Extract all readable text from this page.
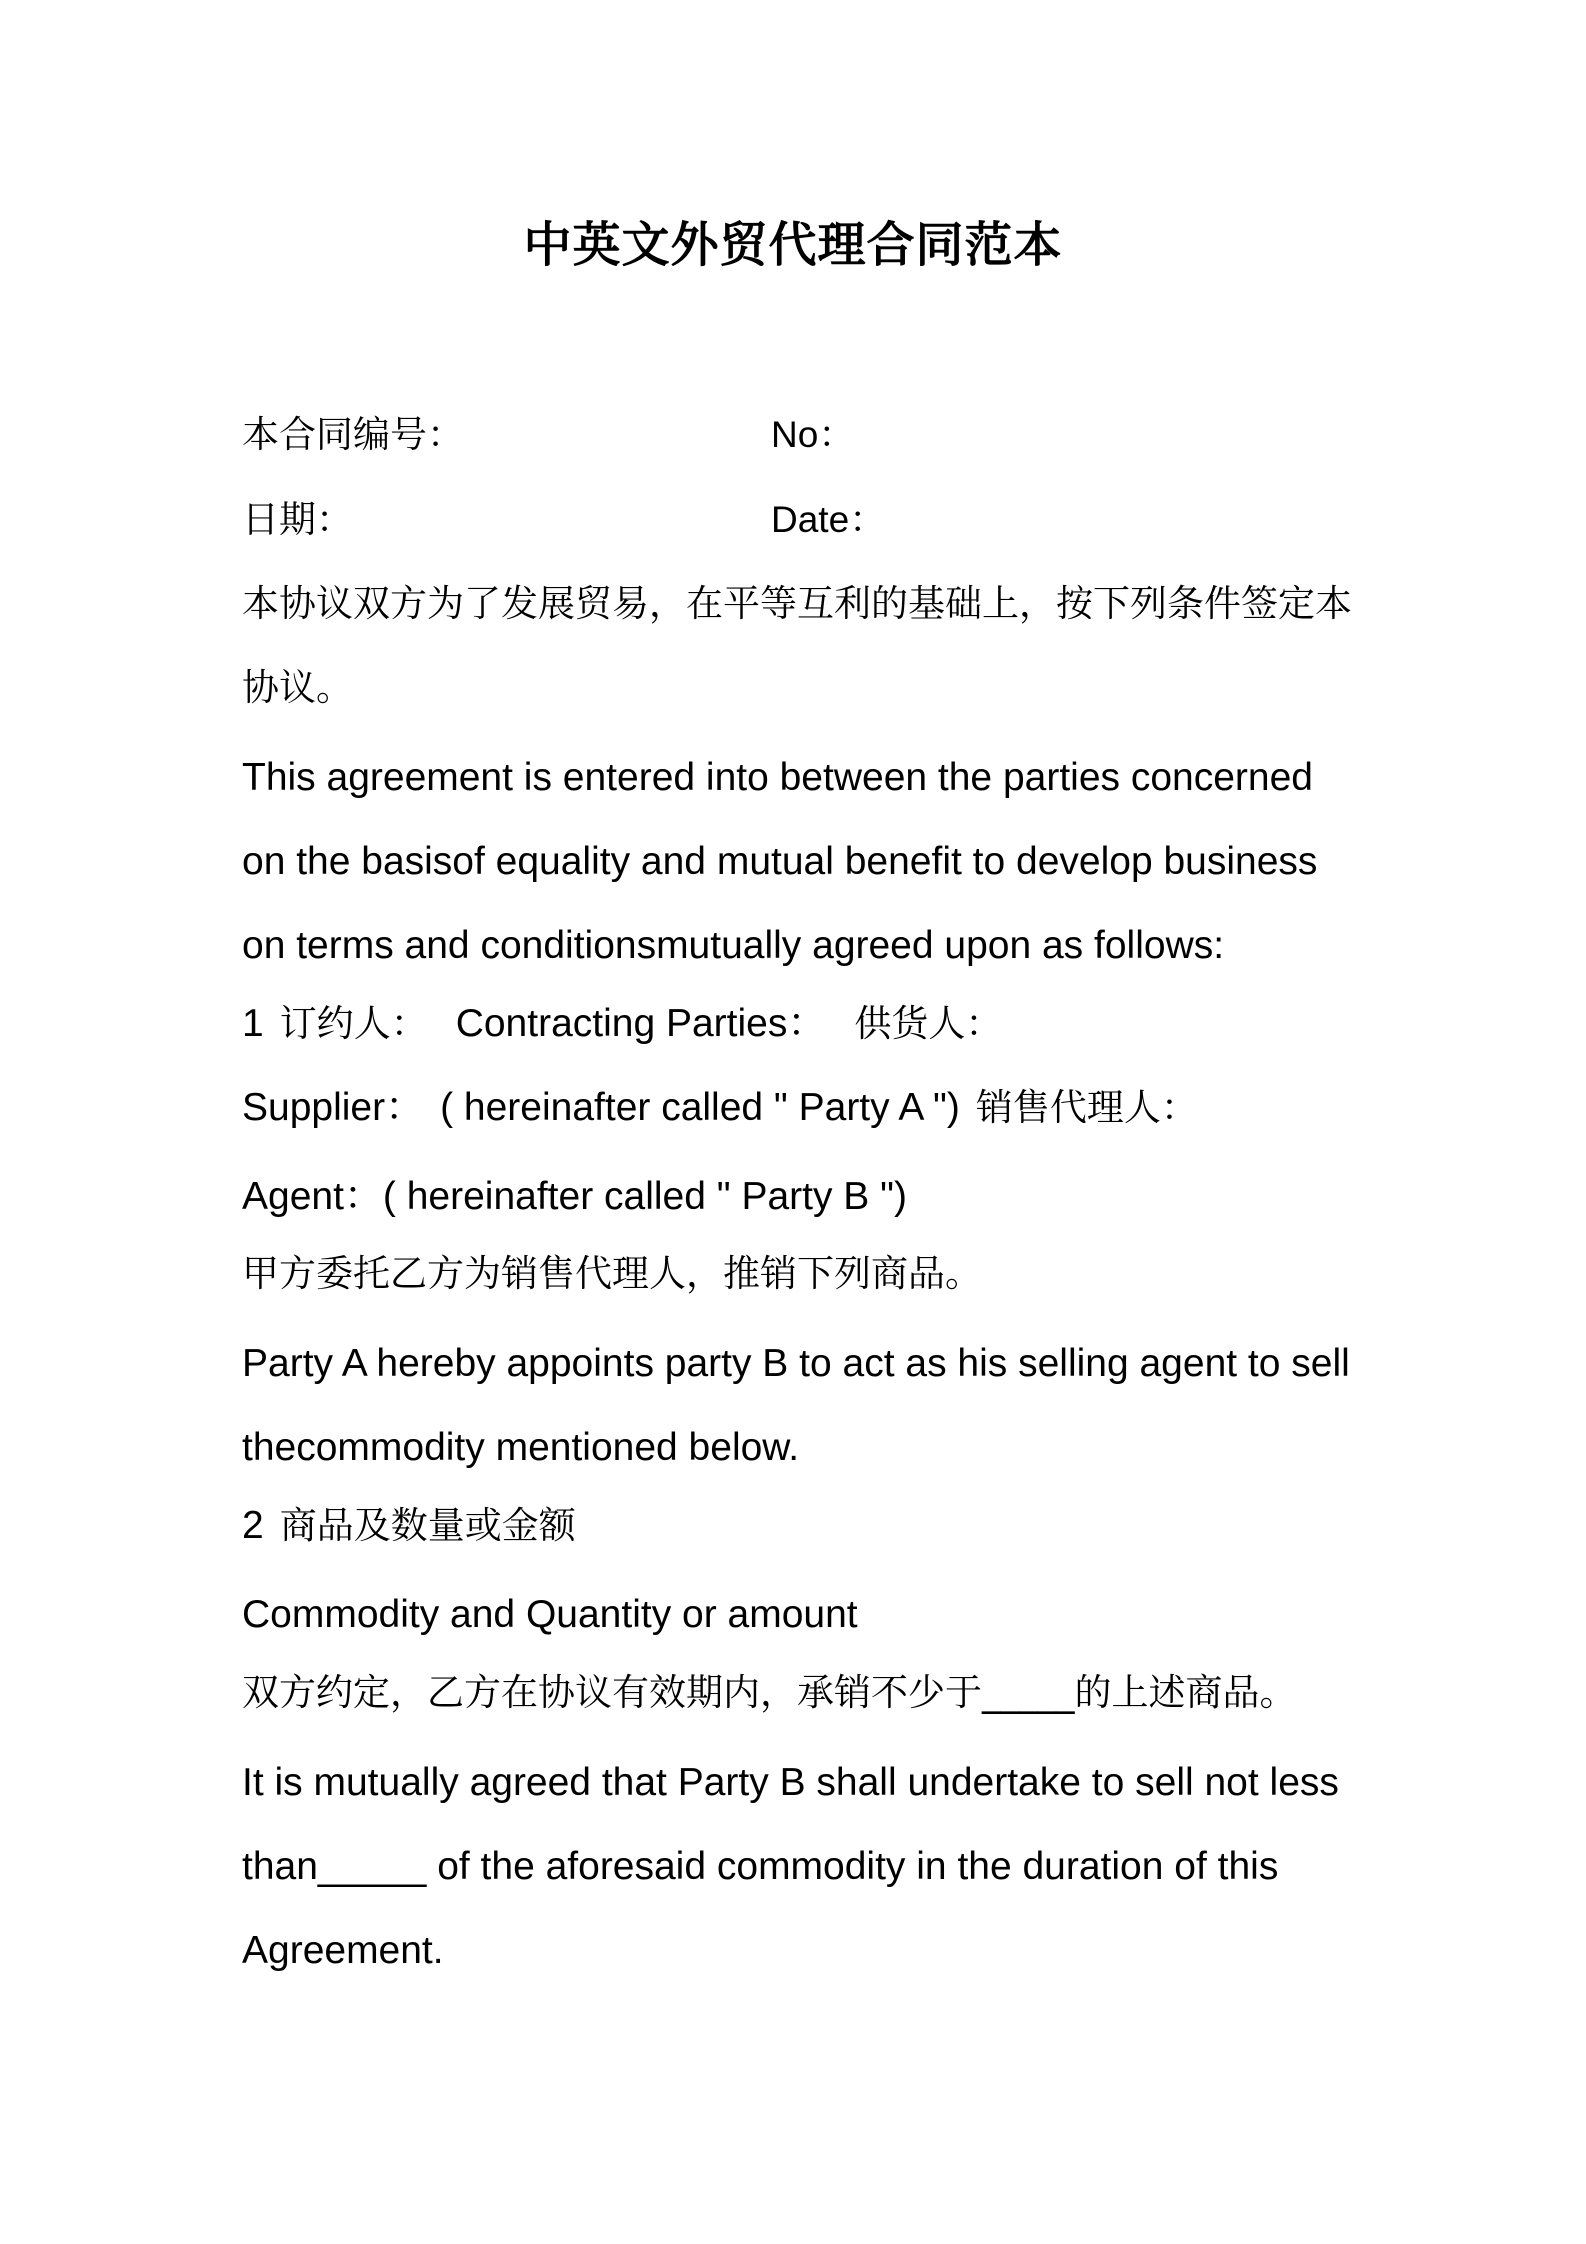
中英文外贸代理合同范本
本合同编号：	No：
日期：	Date：
本协议双方为了发展贸易，在平等互利的基础上，按下列条件签定本
协议。
This agreement is entered into between the parties concerned
on the basisof equality and mutual benefit to develop business
on terms and conditionsmutually agreed upon as follows:
1 订约人： Contracting Parties： 供货人：
Supplier： ( hereinafter called " Party A ") 销售代理人：
Agent：( hereinafter called " Party B ")
甲方委托乙方为销售代理人，推销下列商品。
Party A hereby appoints party B to act as his selling agent to sell
thecommodity mentioned below.
2 商品及数量或金额
Commodity and Quantity or amount
双方约定，乙方在协议有效期内，承销不少于_____的上述商品。
It is mutually agreed that Party B shall undertake to sell not less
than_____ of the aforesaid commodity in the duration of this
Agreement.
